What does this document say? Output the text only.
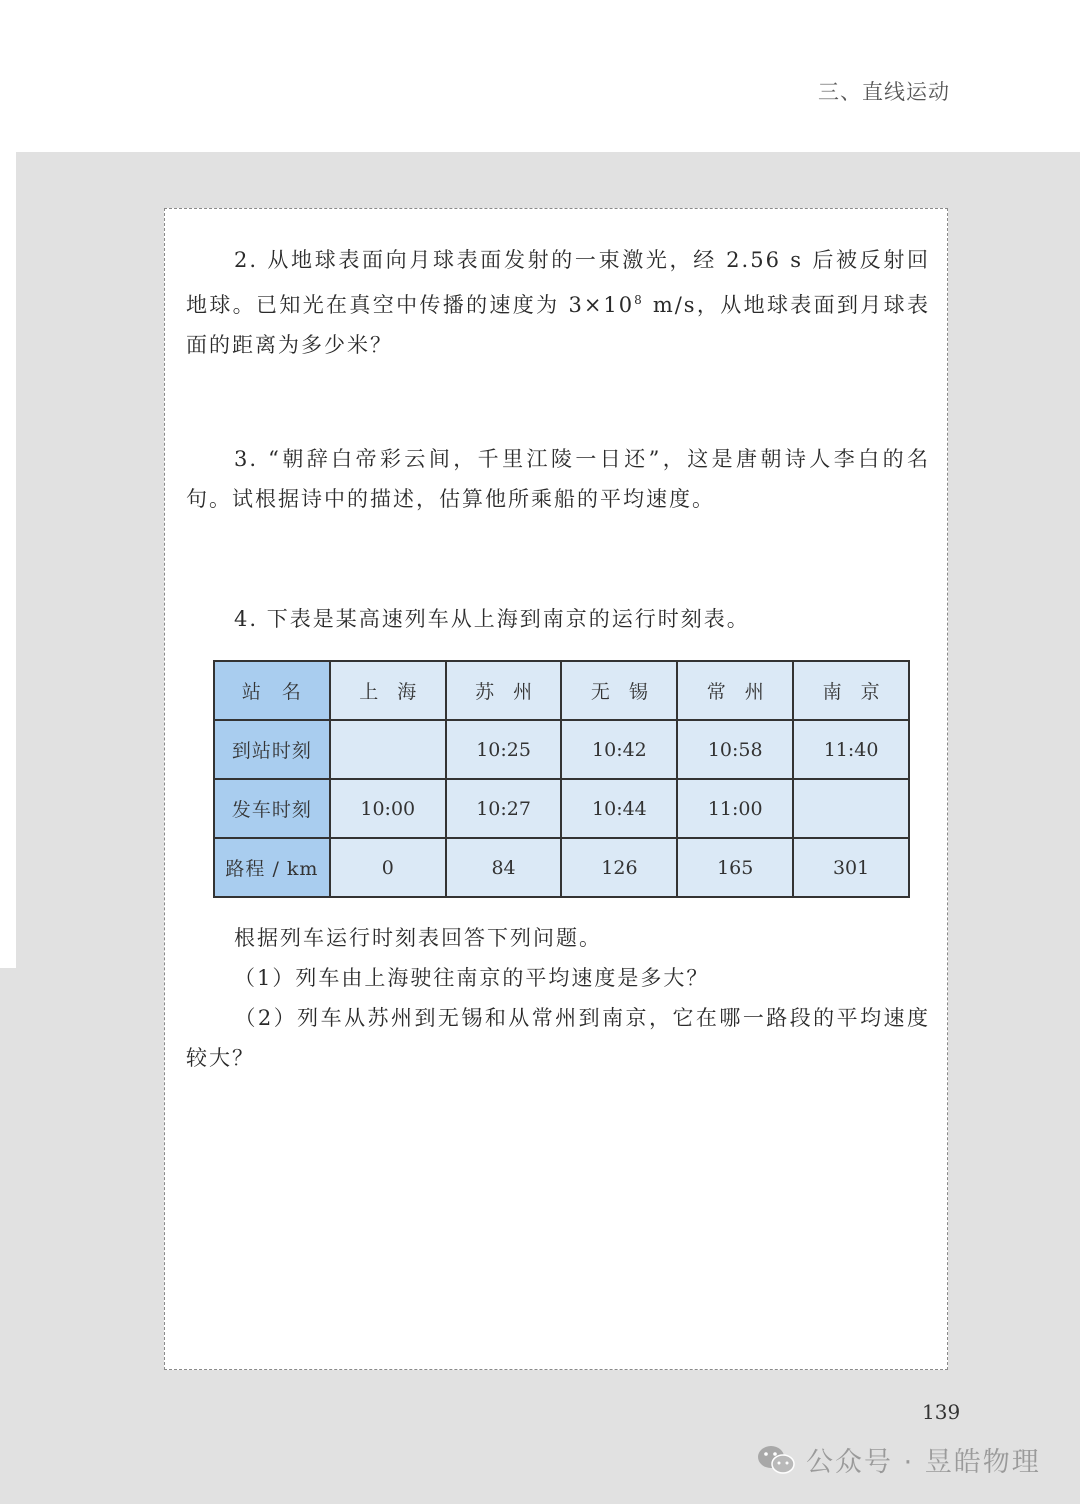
三、直线运动

2. 从地球表面向月球表面发射的一束激光，经 2.56 s 后被反射回地球。已知光在真空中传播的速度为 $3\times 10^8$ m/s，从地球表面到月球表面的距离为多少米？

3. “朝辞白帝彩云间，千里江陵一日还”，这是唐朝诗人李白的名句。试根据诗中的描述，估算他所乘船的平均速度。

4. 下表是某高速列车从上海到南京的运行时刻表。

站　名	上　海	苏　州	无　锡	常　州	南　京
到站时刻		10:25	10:42	10:58	11:40
发车时刻	10:00	10:27	10:44	11:00	
路程 / km	0	84	126	165	301

根据列车运行时刻表回答下列问题。

（1）列车由上海驶往南京的平均速度是多大？

（2）列车从苏州到无锡和从常州到南京，它在哪一路段的平均速度较大？

139
公众号 · 昱皓物理
